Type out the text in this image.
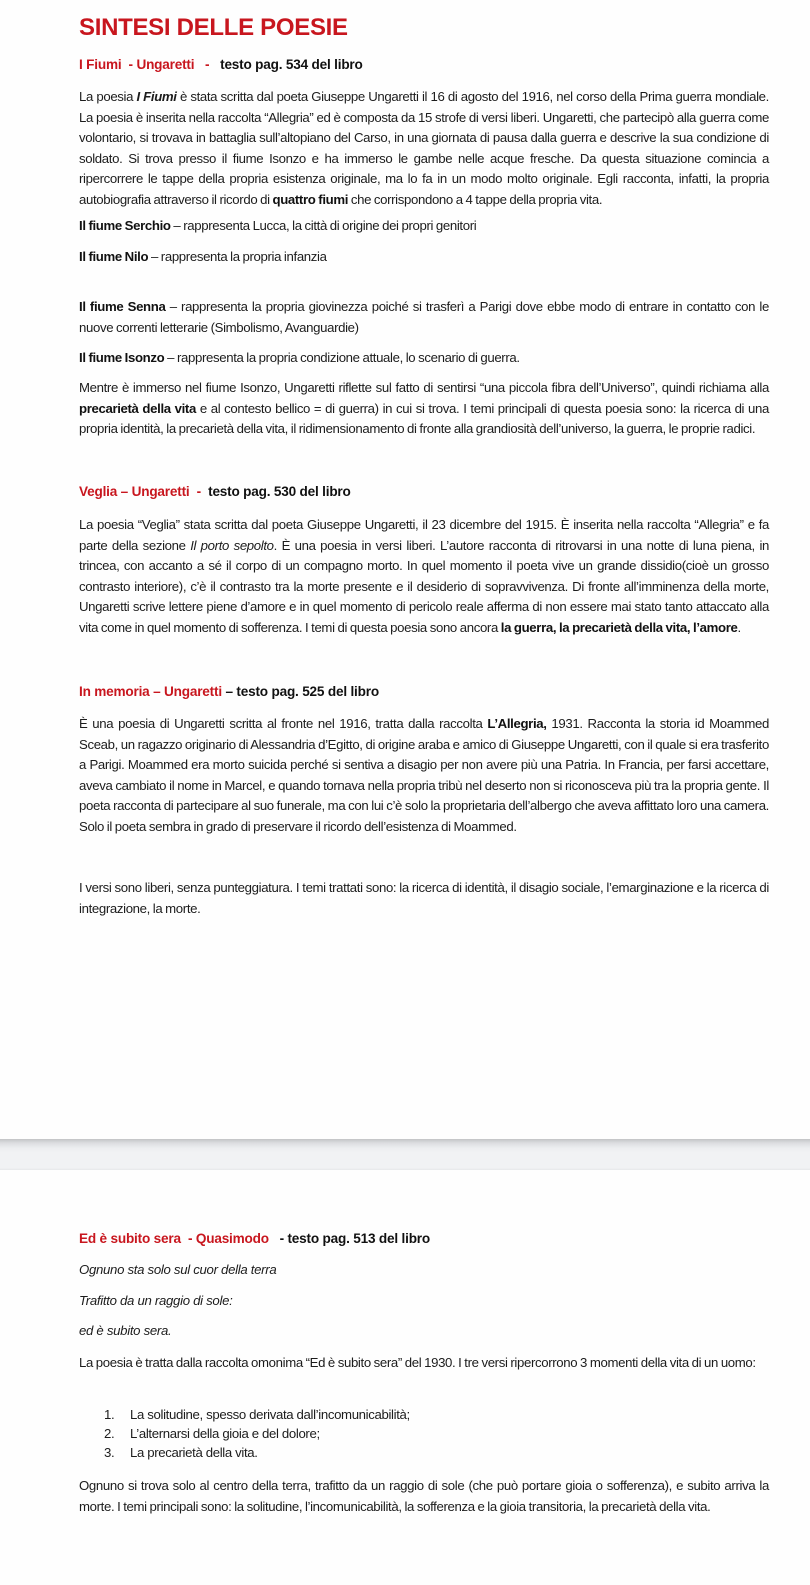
SINTESI DELLE POESIE
I Fiumi  - Ungaretti   -   testo pag. 534 del libro

La poesia I Fiumi è stata scritta dal poeta Giuseppe Ungaretti il 16 di agosto del 1916, nel corso della Prima guerra mondiale. La poesia è inserita nella raccolta “Allegria” ed è composta da 15 strofe di versi liberi. Ungaretti, che partecipò alla guerra come volontario, si trovava in battaglia sull’altopiano del Carso, in una giornata di pausa dalla guerra e descrive la sua condizione di soldato. Si trova presso il fiume Isonzo e ha immerso le gambe nelle acque fresche. Da questa situazione comincia a ripercorrere le tappe della propria esistenza originale, ma lo fa in un modo molto originale. Egli racconta, infatti, la propria autobiografia attraverso il ricordo di quattro fiumi che corrispondono a 4 tappe della propria vita.

Il fiume Serchio – rappresenta Lucca, la città di origine dei propri genitori

Il fiume Nilo – rappresenta la propria infanzia

Il fiume Senna – rappresenta la propria giovinezza poiché si trasferì a Parigi dove ebbe modo di entrare in contatto con le nuove correnti letterarie (Simbolismo, Avanguardie)

Il fiume Isonzo – rappresenta la propria condizione attuale, lo scenario di guerra.

Mentre è immerso nel fiume Isonzo, Ungaretti riflette sul fatto di sentirsi “una piccola fibra dell’Universo”, quindi richiama alla precarietà della vita e al contesto bellico = di guerra) in cui si trova. I temi principali di questa poesia sono: la ricerca di una propria identità, la precarietà della vita, il ridimensionamento di fronte alla grandiosità dell’universo, la guerra, le proprie radici.

Veglia – Ungaretti  -  testo pag. 530 del libro

La poesia “Veglia” stata scritta dal poeta Giuseppe Ungaretti, il 23 dicembre del 1915. È inserita nella raccolta “Allegria” e fa parte della sezione Il porto sepolto. È una poesia in versi liberi. L’autore racconta di ritrovarsi in una notte di luna piena, in trincea, con accanto a sé il corpo di un compagno morto. In quel momento il poeta vive un grande dissidio(cioè un grosso contrasto interiore), c’è il contrasto tra la morte presente e il desiderio di sopravvivenza. Di fronte all’imminenza della morte, Ungaretti scrive lettere piene d’amore e in quel momento di pericolo reale afferma di non essere mai stato tanto attaccato alla vita come in quel momento di sofferenza. I temi di questa poesia sono ancora la guerra, la precarietà della vita, l’amore.

In memoria – Ungaretti – testo pag. 525 del libro

È una poesia di Ungaretti scritta al fronte nel 1916, tratta dalla raccolta L’Allegria, 1931. Racconta la storia id Moammed Sceab, un ragazzo originario di Alessandria d’Egitto, di origine araba e amico di Giuseppe Ungaretti, con il quale si era trasferito a Parigi. Moammed era morto suicida perché si sentiva a disagio per non avere più una Patria. In Francia, per farsi accettare, aveva cambiato il nome in Marcel, e quando tornava nella propria tribù nel deserto non si riconosceva più tra la propria gente. Il poeta racconta di partecipare al suo funerale, ma con lui c’è solo la proprietaria dell’albergo che aveva affittato loro una camera. Solo il poeta sembra in grado di preservare il ricordo dell’esistenza di Moammed.

I versi sono liberi, senza punteggiatura. I temi trattati sono: la ricerca di identità, il disagio sociale, l’emarginazione e la ricerca di integrazione, la morte.

Ed è subito sera  - Quasimodo   - testo pag. 513 del libro

Ognuno sta solo sul cuor della terra

Trafitto da un raggio di sole:

ed è subito sera.

La poesia è tratta dalla raccolta omonima “Ed è subito sera” del 1930. I tre versi ripercorrono 3 momenti della vita di un uomo:

1. La solitudine, spesso derivata dall’incomunicabilità;
2. L’alternarsi della gioia e del dolore;
3. La precarietà della vita.

Ognuno si trova solo al centro della terra, trafitto da un raggio di sole (che può portare gioia o sofferenza), e subito arriva la morte. I temi principali sono: la solitudine, l’incomunicabilità, la sofferenza e la gioia transitoria, la precarietà della vita.
